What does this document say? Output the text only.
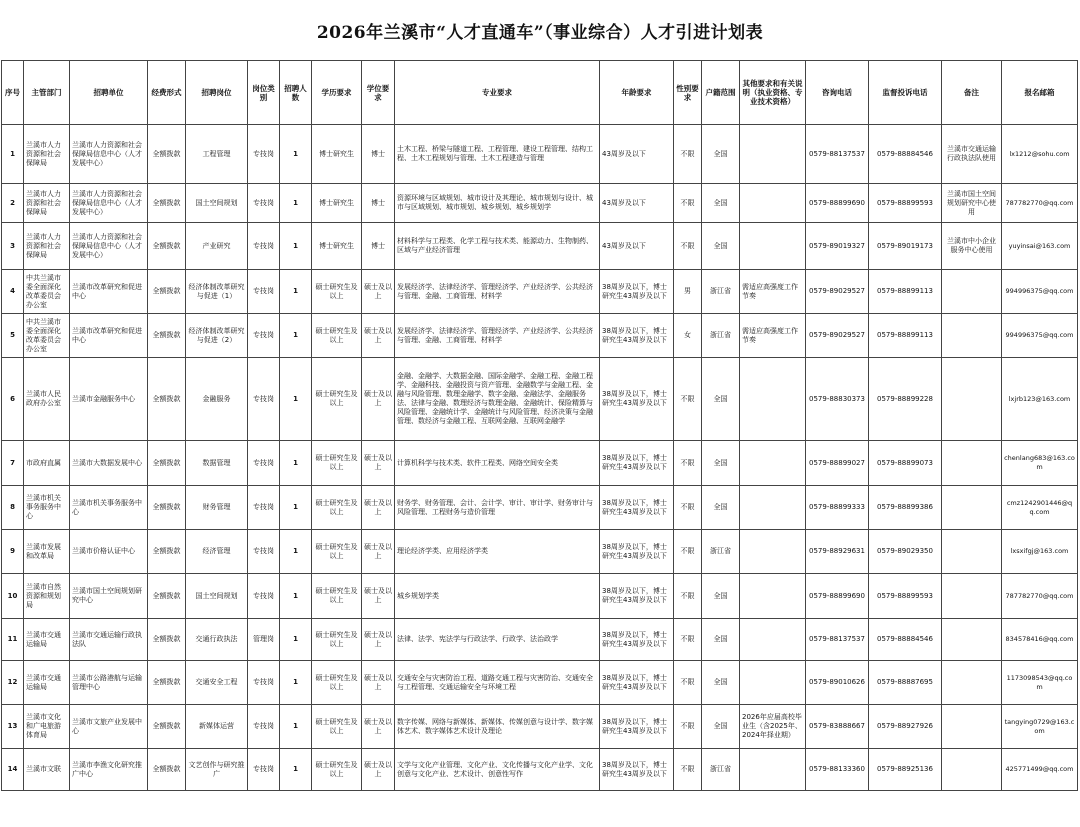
2026年兰溪市“人才直通车”（事业综合）人才引进计划表
序号	主管部门	招聘单位	经费形式	招聘岗位	岗位类别	招聘人数	学历要求	学位要求	专业要求	年龄要求	性别要求	户籍范围	其他要求和有关说明（执业资格、专业技术资格）	咨询电话	监督投诉电话	备注	报名邮箱
1	兰溪市人力资源和社会保障局	兰溪市人力资源和社会保障局信息中心（人才发展中心）	全额拨款	工程管理	专技岗	1	博士研究生	博士	土木工程、桥梁与隧道工程、工程管理、建设工程管理、结构工程、土木工程规划与管理、土木工程建造与管理	43周岁及以下	不限	全国		0579-88137537	0579-88884546	兰溪市交通运输行政执法队使用	lx1212@sohu.com
2	兰溪市人力资源和社会保障局	兰溪市人力资源和社会保障局信息中心（人才发展中心）	全额拨款	国土空间规划	专技岗	1	博士研究生	博士	资源环境与区域规划、城市设计及其理论、城市规划与设计、城市与区域规划、城市规划、城乡规划、城乡规划学	43周岁及以下	不限	全国		0579-88899690	0579-88899593	兰溪市国土空间规划研究中心使用	787782770@qq.com
3	兰溪市人力资源和社会保障局	兰溪市人力资源和社会保障局信息中心（人才发展中心）	全额拨款	产业研究	专技岗	1	博士研究生	博士	材料科学与工程类、化学工程与技术类、能源动力、生物制药、区域与产业经济管理	43周岁及以下	不限	全国		0579-89019327	0579-89019173	兰溪市中小企业服务中心使用	yuyinsai@163.com
4	中共兰溪市委全面深化改革委员会办公室	兰溪市改革研究和促进中心	全额拨款	经济体制改革研究与促进（1）	专技岗	1	硕士研究生及以上	硕士及以上	发展经济学、法律经济学、管理经济学、产业经济学、公共经济与管理、金融、工商管理、材料学	38周岁及以下，博士研究生43周岁及以下	男	浙江省	需适应高强度工作节奏	0579-89029527	0579-88899113		994996375@qq.com
5	中共兰溪市委全面深化改革委员会办公室	兰溪市改革研究和促进中心	全额拨款	经济体制改革研究与促进（2）	专技岗	1	硕士研究生及以上	硕士及以上	发展经济学、法律经济学、管理经济学、产业经济学、公共经济与管理、金融、工商管理、材料学	38周岁及以下，博士研究生43周岁及以下	女	浙江省	需适应高强度工作节奏	0579-89029527	0579-88899113		994996375@qq.com
6	兰溪市人民政府办公室	兰溪市金融服务中心	全额拨款	金融服务	专技岗	1	硕士研究生及以上	硕士及以上	金融、金融学、大数据金融、国际金融学、金融工程、金融工程学、金融科技、金融投资与资产管理、金融数学与金融工程、金融与风险管理、数理金融学、数字金融、金融法学、金融服务法、法律与金融、数理经济与数理金融、金融统计、保险精算与风险管理、金融统计学、金融统计与风险管理、经济决策与金融管理、数经济与金融工程、互联网金融、互联网金融学	38周岁及以下，博士研究生43周岁及以下	不限	全国		0579-88830373	0579-88899228		lxjrb123@163.com
7	市政府直属	兰溪市大数据发展中心	全额拨款	数据管理	专技岗	1	硕士研究生及以上	硕士及以上	计算机科学与技术类、软件工程类、网络空间安全类	38周岁及以下，博士研究生43周岁及以下	不限	全国		0579-88899027	0579-88899073		chenlang683@163.com
8	兰溪市机关事务服务中心	兰溪市机关事务服务中心	全额拨款	财务管理	专技岗	1	硕士研究生及以上	硕士及以上	财务学、财务管理、会计、会计学、审计、审计学、财务审计与风险管理、工程财务与造价管理	38周岁及以下，博士研究生43周岁及以下	不限	全国		0579-88899333	0579-88899386		cmz1242901446@qq.com
9	兰溪市发展和改革局	兰溪市价格认证中心	全额拨款	经济管理	专技岗	1	硕士研究生及以上	硕士及以上	理论经济学类、应用经济学类	38周岁及以下，博士研究生43周岁及以下	不限	浙江省		0579-88929631	0579-89029350		lxsxifgj@163.com
10	兰溪市自然资源和规划局	兰溪市国土空间规划研究中心	全额拨款	国土空间规划	专技岗	1	硕士研究生及以上	硕士及以上	城乡规划学类	38周岁及以下，博士研究生43周岁及以下	不限	全国		0579-88899690	0579-88899593		787782770@qq.com
11	兰溪市交通运输局	兰溪市交通运输行政执法队	全额拨款	交通行政执法	管理岗	1	硕士研究生及以上	硕士及以上	法律、法学、宪法学与行政法学、行政学、法治政学	38周岁及以下，博士研究生43周岁及以下	不限	全国		0579-88137537	0579-88884546		834578416@qq.com
12	兰溪市交通运输局	兰溪市公路港航与运输管理中心	全额拨款	交通安全工程	专技岗	1	硕士研究生及以上	硕士及以上	交通安全与灾害防治工程、道路交通工程与灾害防治、交通安全与工程管理、交通运输安全与环境工程	38周岁及以下，博士研究生43周岁及以下	不限	全国		0579-89010626	0579-88887695		1173098543@qq.com
13	兰溪市文化和广电旅游体育局	兰溪市文旅产业发展中心	全额拨款	新媒体运营	专技岗	1	硕士研究生及以上	硕士及以上	数字传媒、网络与新媒体、新媒体、传媒创意与设计学、数字媒体艺术、数字媒体艺术设计及理论	38周岁及以下，博士研究生43周岁及以下	不限	全国	2026年应届高校毕业生（含2025年、2024年择业期）	0579-83888667	0579-88927926		tangying0729@163.com
14	兰溪市文联	兰溪市李渔文化研究推广中心	全额拨款	文艺创作与研究推广	专技岗	1	硕士研究生及以上	硕士及以上	文学与文化产业管理、文化产业、文化传播与文化产业学、文化创意与文化产业、艺术设计、创意性写作	38周岁及以下，博士研究生43周岁及以下	不限	浙江省		0579-88133360	0579-88925136		425771499@qq.com
